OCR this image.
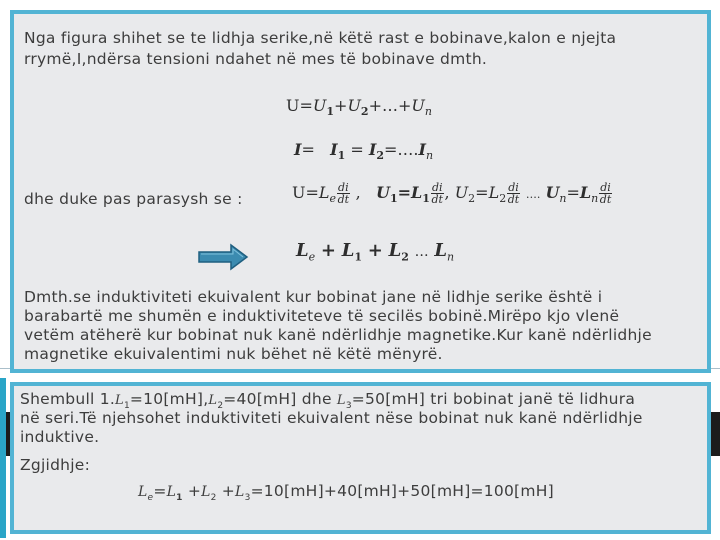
Nga figura shihet se te lidhja serike,në këtë rast e bobinave,kalon e njejta
rrymë,I,ndërsa tensioni ndahet në mes të bobinave dmth.
$U=U_1+U_2+\dots+U_n$
$I= I_1$ = $I_2=\dots.I_n$
dhe duke pas parasysh se :	$U=L_e \frac{di}{dt}$ ,   $U_1=L_1 \frac{di}{dt}$ , $U_2=L_2 \frac{di}{dt}$ …. $U_n=L_n \frac{di}{dt}$
$L_e + L_1 + L_2$ … $L_n$
Dmth.se induktiviteti ekuivalent kur bobinat jane në lidhje serike është i
barabartë me shumën e induktiviteteve të secilës bobinë.Mirëpo kjo vlenë
vetëm atëherë kur bobinat nuk kanë ndërlidhje magnetike.Kur kanë ndërlidhje
magnetike ekuivalentimi nuk bëhet në këtë mënyrë.
Shembull $1.L_1=10[mH],L_2=40[mH]$ dhe $L_3=50[mH]$ tri bobinat janë të lidhura
në seri.Të njehsohet induktiviteti ekuivalent nëse bobinat nuk kanë ndërlidhje
induktive.
Zgjidhje:
$L_e=L_1 +L_2 +L_3=10[mH]+40[mH]+50[mH]=100[mH]$
